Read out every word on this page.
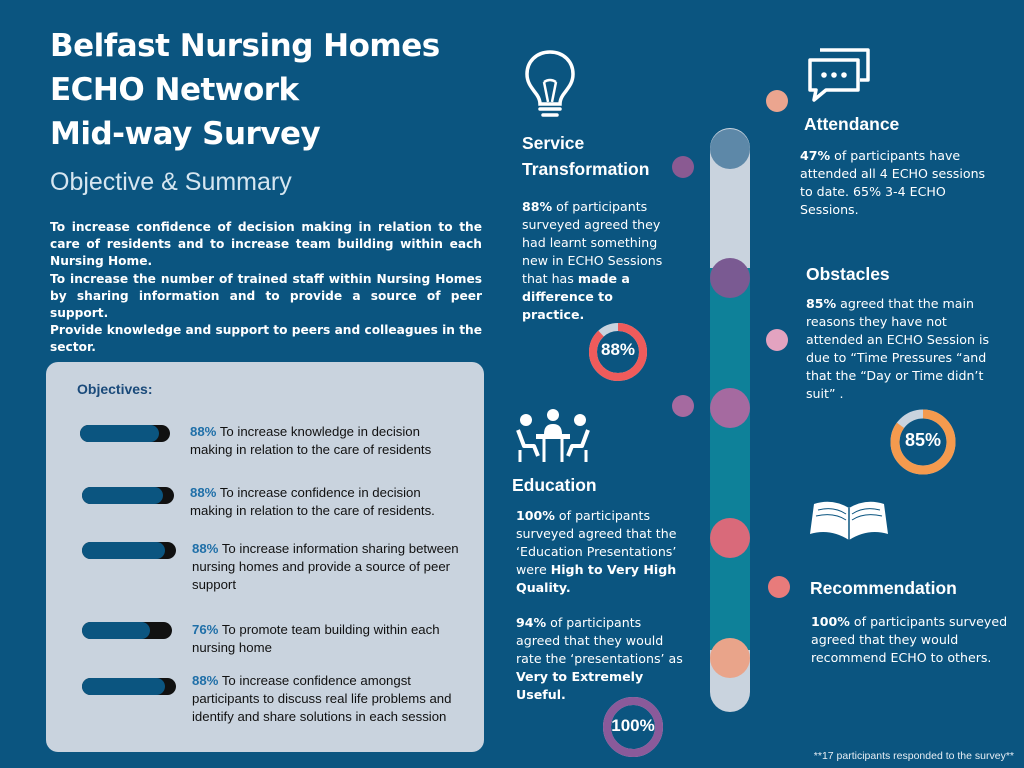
Belfast Nursing Homes
ECHO Network
Mid-way Survey
Objective & Summary

To increase confidence of decision making in relation to the care of residents and to increase team building within each Nursing Home.

To increase the number of trained staff within Nursing Homes by sharing information and to provide a source of peer support.

Provide knowledge and support to peers and colleagues in the sector.

Objectives:
88% To increase knowledge in decision making in relation to the care of residents
88% To increase confidence in decision making in relation to the care of residents.
88% To increase information sharing between nursing homes and provide a source of peer support
76% To promote team building within each nursing home
88% To increase confidence amongst participants to discuss real life problems and identify and share solutions in each session
Service
Transformation
88% of participants surveyed agreed they had learnt something new in ECHO Sessions that has made a difference to practice.
88%
Education
100% of participants surveyed agreed that the ‘Education Presentations’ were High to Very High Quality.
94% of participants agreed that they would rate the ‘presentations’ as Very to Extremely Useful.
100%
Attendance
47% of participants have attended all 4 ECHO sessions to date. 65% 3-4 ECHO Sessions.
Obstacles
85% agreed that the main reasons they have not attended an ECHO Session is due to “Time Pressures “and that the “Day or Time didn’t suit” .
85%
Recommendation
100% of participants surveyed agreed that they would recommend ECHO to others.
**17 participants responded to the survey**
